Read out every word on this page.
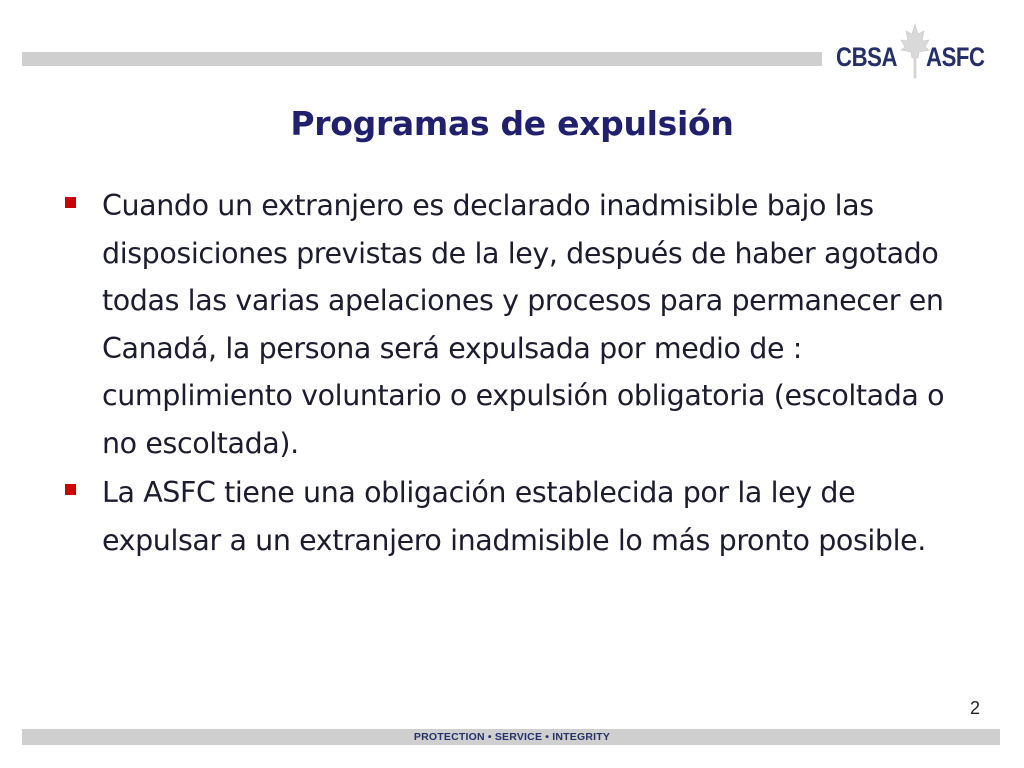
CBSA ASFC
Programas de expulsión
Cuando un extranjero es declarado inadmisible bajo las disposiciones previstas de la ley, después de haber agotado todas las varias apelaciones y procesos para permanecer en Canadá, la persona será expulsada por medio de : cumplimiento voluntario o expulsión obligatoria (escoltada o no escoltada).
La ASFC tiene una obligación establecida por la ley de expulsar a un extranjero inadmisible lo más pronto posible.
2
PROTECTION • SERVICE • INTEGRITY
